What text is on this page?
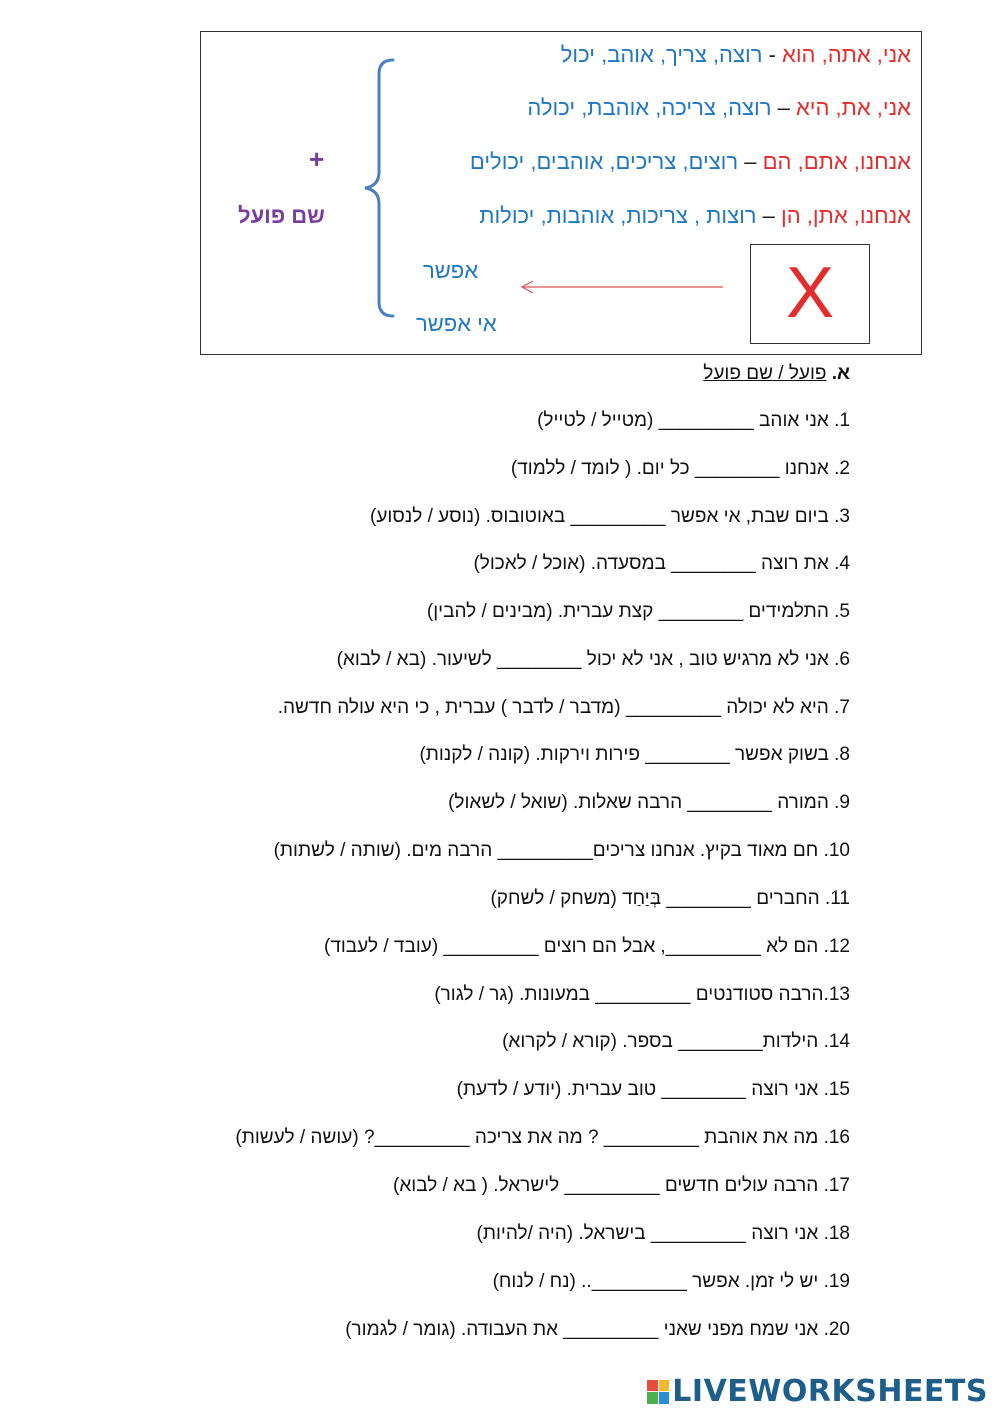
אני, אתה, הוא - רוצה, צריך, אוהב, יכול
אני, את, היא – רוצה, צריכה, אוהבת, יכולה
אנחנו, אתם, הם – רוצים, צריכים, אוהבים, יכולים
אנחנו, אתן, הן – רוצות , צריכות, אוהבות, יכולות
אפשר
אי אפשר
+
שם פועל
X
א. פועל / שם פועל
1. אני אוהב _________ (מטייל / לטייל)
2. אנחנו ________ כל יום. ( לומד / ללמוד)
3. ביום שבת, אי אפשר _________ באוטובוס. (נוסע / לנסוע)
4. את רוצה ________ במסעדה. (אוכל / לאכול)
5. התלמידים ________ קצת עברית. (מבינים / להבין)
6. אני לא מרגיש טוב , אני לא יכול ________ לשיעור. (בא / לבוא)
7. היא לא יכולה _________ (מדבר / לדבר ) עברית , כי היא עולה חדשה.
8. בשוק אפשר ________ פירות וירקות. (קונה / לקנות)
9. המורה ________ הרבה שאלות. (שואל / לשאול)
10. חם מאוד בקיץ. אנחנו צריכים_________ הרבה מים. (שותה / לשתות)
11. החברים ________ בְּיַחַד (משחק / לשחק)
12. הם לא _________, אבל הם רוצים _________ (עובד / לעבוד)
13.הרבה סטודנטים _________ במעונות. (גר / לגור)
14. הילדות________ בספר. (קורא / לקרוא)
15. אני רוצה ________ טוב עברית. (יודע / לדעת)
16. מה את אוהבת _________ ? מה את צריכה _________? (עושה / לעשות)
17. הרבה עולים חדשים _________ לישראל. ( בא / לבוא)
18. אני רוצה _________ בישראל. (היה /להיות)
19. יש לי זמן. אפשר _________.. (נח / לנוח)
20. אני שמח מפני שאני _________ את העבודה. (גומר / לגמור)
LIVEWORKSHEETS
